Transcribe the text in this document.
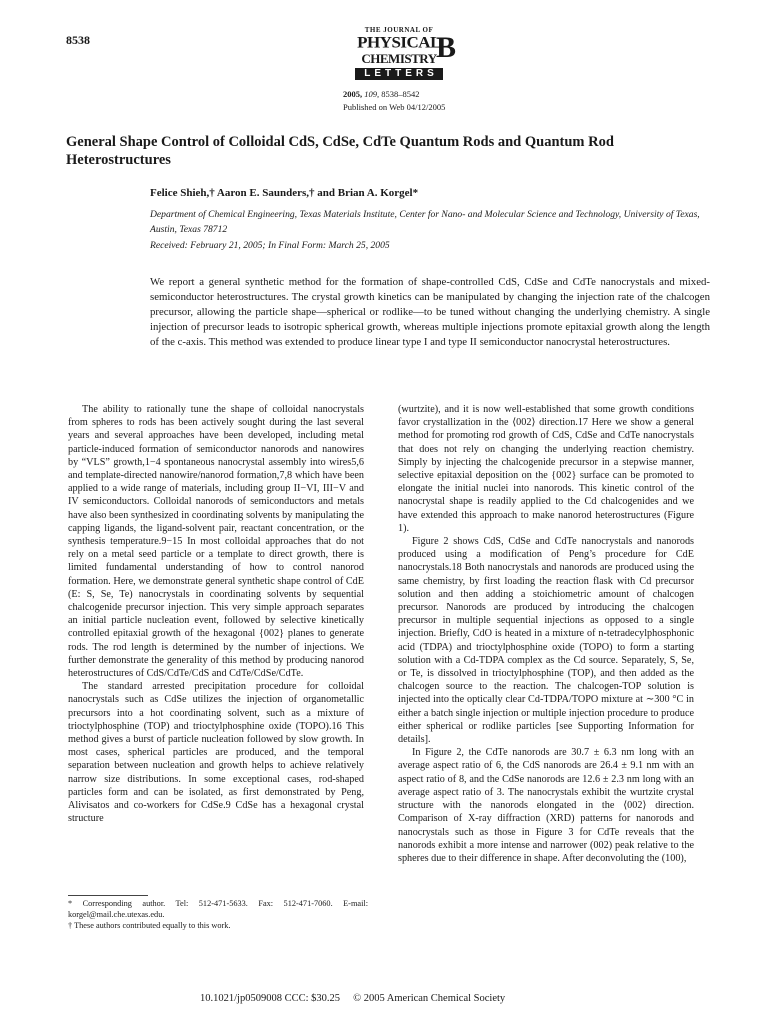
8538
THE JOURNAL OF
PHYSICAL
CHEMISTRY B
LETTERS
2005, 109, 8538–8542
Published on Web 04/12/2005
General Shape Control of Colloidal CdS, CdSe, CdTe Quantum Rods and Quantum Rod Heterostructures
Felice Shieh,† Aaron E. Saunders,† and Brian A. Korgel*
Department of Chemical Engineering, Texas Materials Institute, Center for Nano- and Molecular Science and Technology, University of Texas, Austin, Texas 78712
Received: February 21, 2005; In Final Form: March 25, 2005
We report a general synthetic method for the formation of shape-controlled CdS, CdSe and CdTe nanocrystals and mixed-semiconductor heterostructures. The crystal growth kinetics can be manipulated by changing the injection rate of the chalcogen precursor, allowing the particle shape—spherical or rodlike—to be tuned without changing the underlying chemistry. A single injection of precursor leads to isotropic spherical growth, whereas multiple injections promote epitaxial growth along the length of the c-axis. This method was extended to produce linear type I and type II semiconductor nanocrystal heterostructures.

The ability to rationally tune the shape of colloidal nanocrystals from spheres to rods has been actively sought during the last several years and several approaches have been developed, including metal particle-induced formation of semiconductor nanorods and nanowires by “VLS” growth,1−4 spontaneous nanocrystal assembly into wires5,6 and template-directed nanowire/nanorod formation,7,8 which have been applied to a wide range of materials, including group II−VI, III−V and IV semiconductors. Colloidal nanorods of semiconductors and metals have also been synthesized in coordinating solvents by manipulating the capping ligands, the ligand-solvent pair, reactant concentration, or the synthesis temperature.9−15 In most colloidal approaches that do not rely on a metal seed particle or a template to direct growth, there is limited fundamental understanding of how to control nanorod formation. Here, we demonstrate general synthetic shape control of CdE (E: S, Se, Te) nanocrystals in coordinating solvents by sequential chalcogenide precursor injection. This very simple approach separates an initial particle nucleation event, followed by selective kinetically controlled epitaxial growth of the hexagonal {002} planes to generate rods. The rod length is determined by the number of injections. We further demonstrate the generality of this method by producing nanorod heterostructures of CdS/CdTe/CdS and CdTe/CdSe/CdTe.

The standard arrested precipitation procedure for colloidal nanocrystals such as CdSe utilizes the injection of organometallic precursors into a hot coordinating solvent, such as a mixture of trioctylphosphine (TOP) and trioctylphosphine oxide (TOPO).16 This method gives a burst of particle nucleation followed by slow growth. In most cases, spherical particles are produced, and the temporal separation between nucleation and growth helps to achieve relatively narrow size distributions. In some exceptional cases, rod-shaped particles form and can be isolated, as first demonstrated by Peng, Alivisatos and co-workers for CdSe.9 CdSe has a hexagonal crystal structure

(wurtzite), and it is now well-established that some growth conditions favor crystallization in the ⟨002⟩ direction.17 Here we show a general method for promoting rod growth of CdS, CdSe and CdTe nanocrystals that does not rely on changing the underlying reaction chemistry. Simply by injecting the chalcogenide precursor in a stepwise manner, selective epitaxial deposition on the {002} surface can be promoted to elongate the initial nuclei into nanorods. This kinetic control of the nanocrystal shape is readily applied to the Cd chalcogenides and we have extended this approach to make nanorod heterostructures (Figure 1).

Figure 2 shows CdS, CdSe and CdTe nanocrystals and nanorods produced using a modification of Peng’s procedure for CdE nanocrystals.18 Both nanocrystals and nanorods are produced using the same chemistry, by first loading the reaction flask with Cd precursor solution and then adding a stoichiometric amount of chalcogen precursor. Nanorods are produced by introducing the chalcogen precursor in multiple sequential injections as opposed to a single injection. Briefly, CdO is heated in a mixture of n-tetradecylphosphonic acid (TDPA) and trioctylphosphine oxide (TOPO) to form a starting solution with a Cd-TDPA complex as the Cd source. Separately, S, Se, or Te, is dissolved in trioctylphosphine (TOP), and then added as the chalcogen source to the reaction. The chalcogen-TOP solution is injected into the optically clear Cd-TDPA/TOPO mixture at ∼300 °C in either a batch single injection or multiple injection procedure to produce either spherical or rodlike particles [see Supporting Information for details].

In Figure 2, the CdTe nanorods are 30.7 ± 6.3 nm long with an average aspect ratio of 6, the CdS nanorods are 26.4 ± 9.1 nm with an aspect ratio of 8, and the CdSe nanorods are 12.6 ± 2.3 nm long with an average aspect ratio of 3. The nanocrystals exhibit the wurtzite crystal structure with the nanorods elongated in the ⟨002⟩ direction. Comparison of X-ray diffraction (XRD) patterns for nanorods and nanocrystals such as those in Figure 3 for CdTe reveals that the nanorods exhibit a more intense and narrower (002) peak relative to the spheres due to their difference in shape. After deconvoluting the (100),

* Corresponding author. Tel: 512-471-5633. Fax: 512-471-7060. E-mail: korgel@mail.che.utexas.edu.

† These authors contributed equally to this work.

10.1021/jp0509008 CCC: $30.25 © 2005 American Chemical Society
